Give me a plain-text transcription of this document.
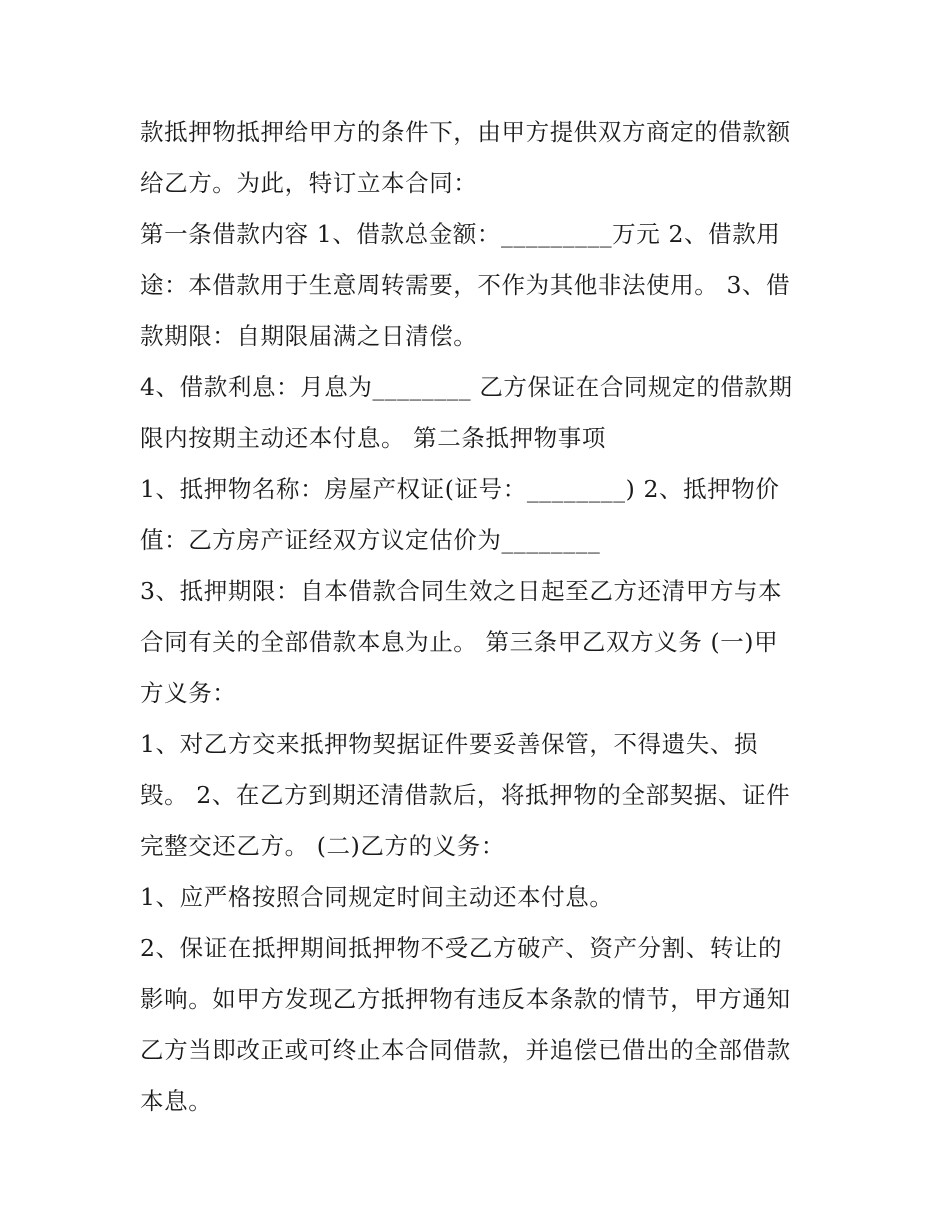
款抵押物抵押给甲方的条件下，由甲方提供双方商定的借款额
给乙方。为此，特订立本合同：
第一条借款内容 1、借款总金额：_________万元 2、借款用
途：本借款用于生意周转需要，不作为其他非法使用。 3、借
款期限：自期限届满之日清偿。
4、借款利息：月息为________ 乙方保证在合同规定的借款期
限内按期主动还本付息。 第二条抵押物事项
1、抵押物名称：房屋产权证(证号：________) 2、抵押物价
值：乙方房产证经双方议定估价为________
3、抵押期限：自本借款合同生效之日起至乙方还清甲方与本
合同有关的全部借款本息为止。 第三条甲乙双方义务 (一)甲
方义务：
1、对乙方交来抵押物契据证件要妥善保管，不得遗失、损
毁。 2、在乙方到期还清借款后，将抵押物的全部契据、证件
完整交还乙方。 (二)乙方的义务：
1、应严格按照合同规定时间主动还本付息。
2、保证在抵押期间抵押物不受乙方破产、资产分割、转让的
影响。如甲方发现乙方抵押物有违反本条款的情节，甲方通知
乙方当即改正或可终止本合同借款，并追偿已借出的全部借款
本息。
